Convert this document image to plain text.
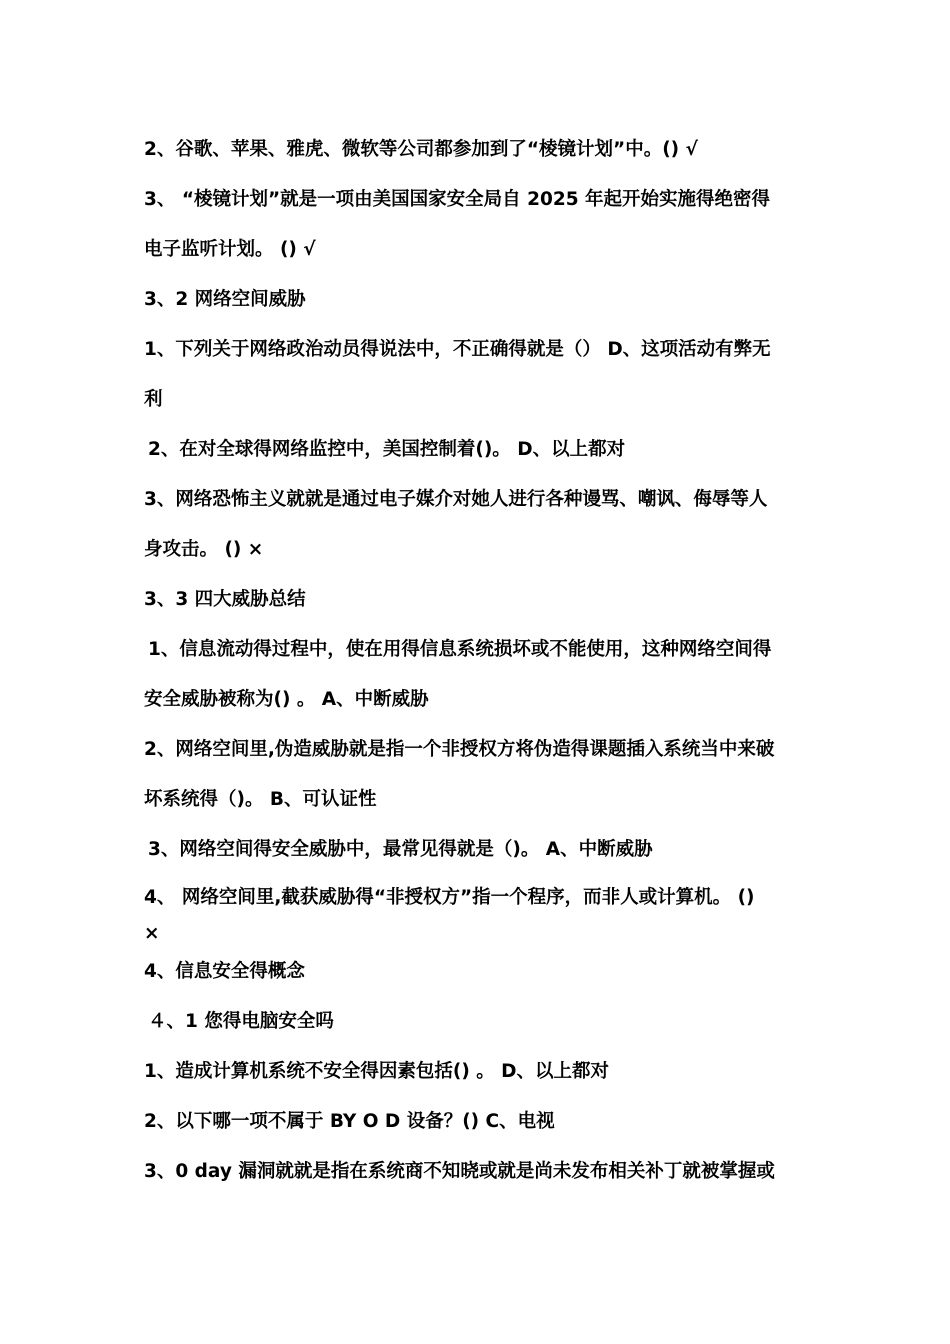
2、谷歌、苹果、雅虎、微软等公司都参加到了“棱镜计划”中。() √
3、 “棱镜计划”就是一项由美国国家安全局自 2025 年起开始实施得绝密得
电子监听计划。 () √
3、2 网络空间威胁
1、下列关于网络政治动员得说法中，不正确得就是（） D、这项活动有弊无
利
2、在对全球得网络监控中，美国控制着()。 D、以上都对
3、网络恐怖主义就就是通过电子媒介对她人进行各种谩骂、嘲讽、侮辱等人
身攻击。 () ×
3、3 四大威胁总结
1、信息流动得过程中，使在用得信息系统损坏或不能使用，这种网络空间得
安全威胁被称为() 。 A、中断威胁
2、网络空间里,伪造威胁就是指一个非授权方将伪造得课题插入系统当中来破
坏系统得（)。 B、可认证性
3、网络空间得安全威胁中，最常见得就是（)。 A、中断威胁
4、 网络空间里,截获威胁得“非授权方”指一个程序，而非人或计算机。 ()
×
4、信息安全得概念
４、1 您得电脑安全吗
1、造成计算机系统不安全得因素包括() 。 D、以上都对
2、以下哪一项不属于 BY O D 设备？() C、电视
3、0 day 漏洞就就是指在系统商不知晓或就是尚未发布相关补丁就被掌握或
